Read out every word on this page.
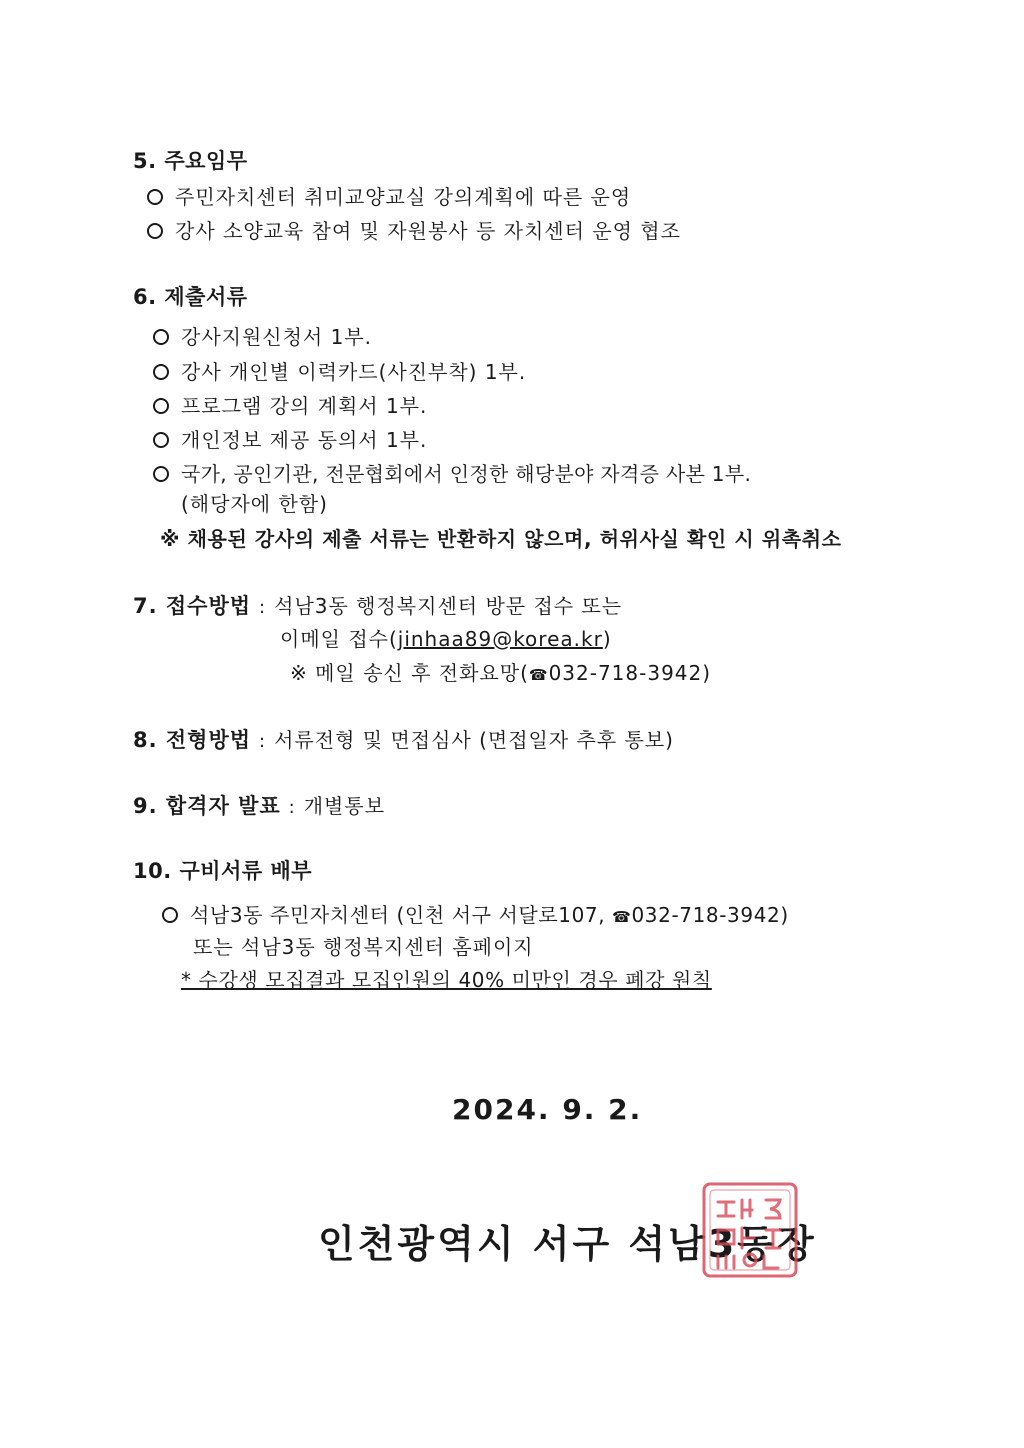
5. 주요임무
주민자치센터 취미교양교실 강의계획에 따른 운영
강사 소양교육 참여 및 자원봉사 등 자치센터 운영 협조
6. 제출서류
강사지원신청서 1부.
강사 개인별 이력카드(사진부착) 1부.
프로그램 강의 계획서 1부.
개인정보 제공 동의서 1부.
국가, 공인기관, 전문협회에서 인정한 해당분야 자격증 사본 1부.
(해당자에 한함)
※ 채용된 강사의 제출 서류는 반환하지 않으며, 허위사실 확인 시 위촉취소
7. 접수방법 : 석남3동 행정복지센터 방문 접수 또는
이메일 접수(jinhaa89@korea.kr)
※ 메일 송신 후 전화요망(☎032-718-3942)
8. 전형방법 : 서류전형 및 면접심사 (면접일자 추후 통보)
9. 합격자 발표 : 개별통보
10. 구비서류 배부
석남3동 주민자치센터 (인천 서구 서달로107, ☎032-718-3942)
또는 석남3동 행정복지센터 홈페이지
* 수강생 모집결과 모집인원의 40% 미만인 경우 폐강 원칙
2024. 9. 2.
인천광역시 서구 석남3동장
